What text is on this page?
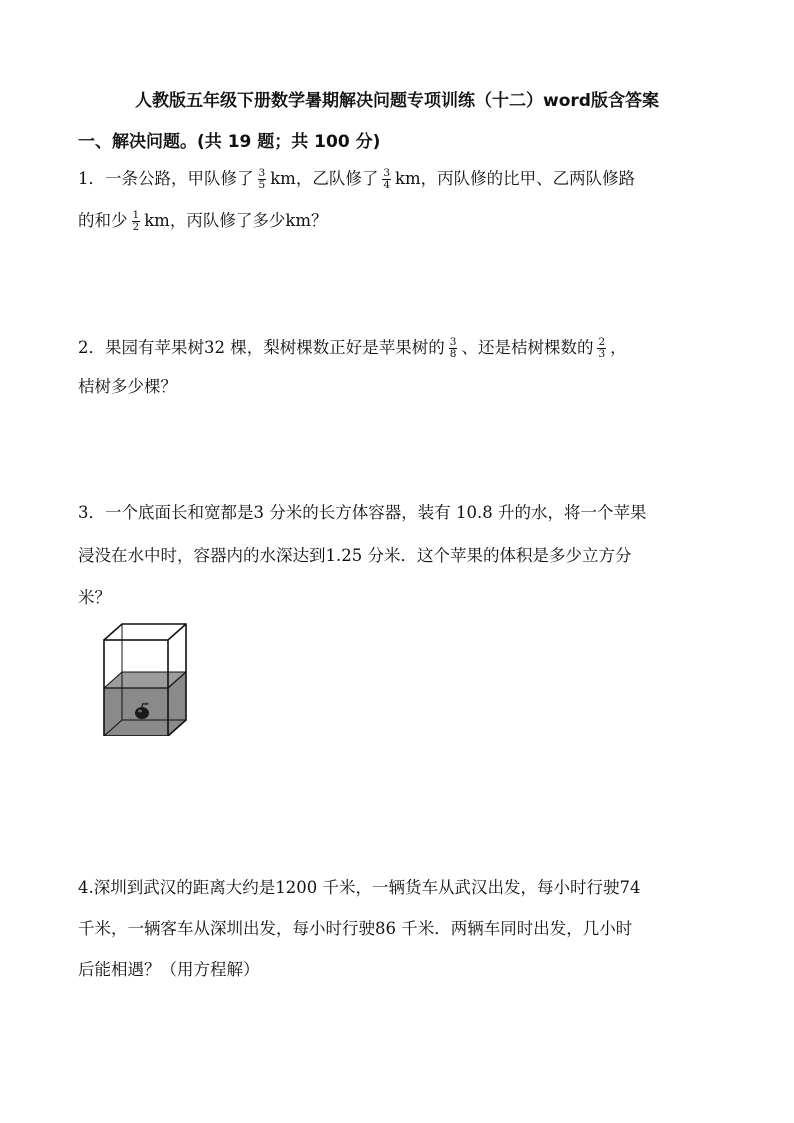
人教版五年级下册数学暑期解决问题专项训练（十二）word版含答案
一、解决问题。(共 19 题；共 100 分)
1．一条公路，甲队修了 $\frac{3}{5}$ km，乙队修了 $\frac{3}{4}$ km，丙队修的比甲、乙两队修路
的和少 $\frac{1}{2}$ km，丙队修了多少km？
2．果园有苹果树32 棵，梨树棵数正好是苹果树的 $\frac{3}{8}$ 、还是桔树棵数的 $\frac{2}{3}$ ，
桔树多少棵？
3．一个底面长和宽都是3 分米的长方体容器，装有 10.8 升的水，将一个苹果
浸没在水中时，容器内的水深达到1.25 分米．这个苹果的体积是多少立方分
米？
4.深圳到武汉的距离大约是1200 千米，一辆货车从武汉出发，每小时行驶74
千米，一辆客车从深圳出发，每小时行驶86 千米．两辆车同时出发，几小时
后能相遇？（用方程解）
